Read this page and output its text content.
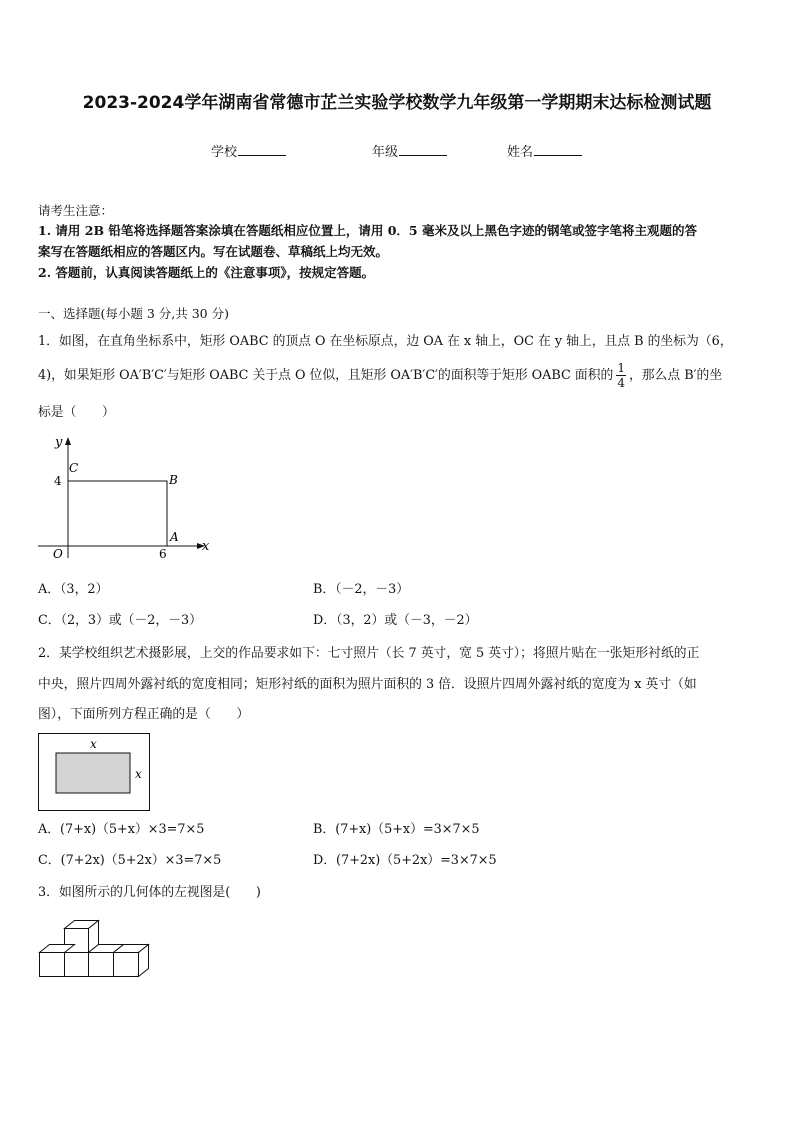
2023-2024学年湖南省常德市芷兰实验学校数学九年级第一学期期末达标检测试题
学校	年级	姓名
请考生注意：
1. 请用 2B 铅笔将选择题答案涂填在答题纸相应位置上，请用 0．5 毫米及以上黑色字迹的钢笔或签字笔将主观题的答
案写在答题纸相应的答题区内。写在试题卷、草稿纸上均无效。
2. 答题前，认真阅读答题纸上的《注意事项》，按规定答题。
一、选择题(每小题 3 分,共 30 分)
1．如图，在直角坐标系中，矩形 OABC 的顶点 O 在坐标原点，边 OA 在 x 轴上，OC 在 y 轴上，且点 B 的坐标为（6，
4)，如果矩形 OA′B′C′与矩形 OABC 关于点 O 位似，且矩形 OA′B′C′的面积等于矩形 OABC 面积的 $\frac{1}{4}$ ，那么点 B′的坐
标是（　　）
y
x
C
B
A
O
4
6
A．（3，2）	B．（－2，－3）
C．（2，3）或（－2，－3）	D．（3，2）或（－3，－2）
2．某学校组织艺术摄影展，上交的作品要求如下：七寸照片（长 7 英寸，宽 5 英寸）；将照片贴在一张矩形衬纸的正
中央，照片四周外露衬纸的宽度相同；矩形衬纸的面积为照片面积的 3 倍．设照片四周外露衬纸的宽度为 x 英寸（如
图），下面所列方程正确的是（　　）
x
x
A．(7+x)（5+x）×3=7×5	B．(7+x)（5+x）=3×7×5
C．(7+2x)（5+2x）×3=7×5	D．(7+2x)（5+2x）=3×7×5
3．如图所示的几何体的左视图是(　　)
